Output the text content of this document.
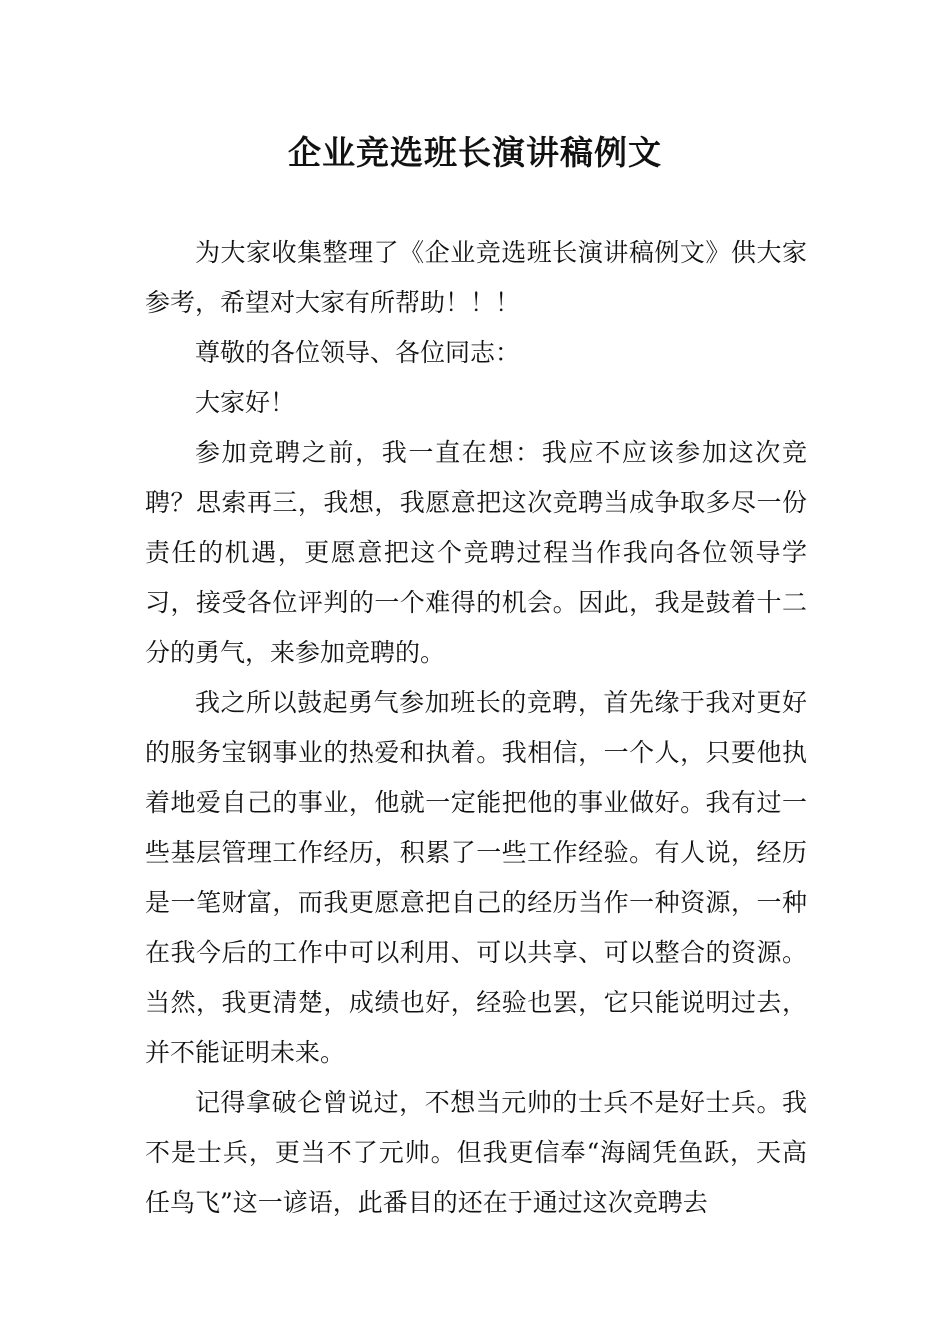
企业竞选班长演讲稿例文

为大家收集整理了《企业竞选班长演讲稿例文》供大家参考，希望对大家有所帮助！！！

尊敬的各位领导、各位同志：

大家好！

参加竞聘之前，我一直在想：我应不应该参加这次竞聘？思索再三，我想，我愿意把这次竞聘当成争取多尽一份责任的机遇，更愿意把这个竞聘过程当作我向各位领导学习，接受各位评判的一个难得的机会。因此，我是鼓着十二分的勇气，来参加竞聘的。

我之所以鼓起勇气参加班长的竞聘，首先缘于我对更好的服务宝钢事业的热爱和执着。我相信，一个人，只要他执着地爱自己的事业，他就一定能把他的事业做好。我有过一些基层管理工作经历，积累了一些工作经验。有人说，经历是一笔财富，而我更愿意把自己的经历当作一种资源，一种在我今后的工作中可以利用、可以共享、可以整合的资源。当然，我更清楚，成绩也好，经验也罢，它只能说明过去，并不能证明未来。

记得拿破仑曾说过，不想当元帅的士兵不是好士兵。我不是士兵，更当不了元帅。但我更信奉“海阔凭鱼跃，天高任鸟飞”这一谚语，此番目的还在于通过这次竞聘去
